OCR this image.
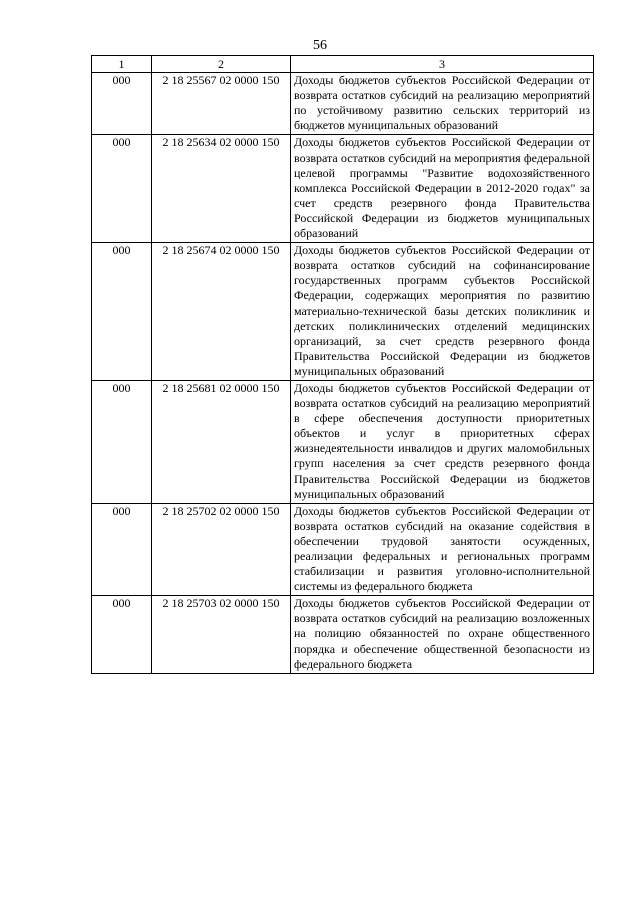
56
1	2	3
000	2 18 25567 02 0000 150	Доходы бюджетов субъектов Российской Федерации от возврата остатков субсидий на реализацию мероприятий по устойчивому развитию сельских территорий из бюджетов муниципальных образований
000	2 18 25634 02 0000 150	Доходы бюджетов субъектов Российской Федерации от возврата остатков субсидий на мероприятия федеральной целевой программы "Развитие водохозяйственного комплекса Российской Федерации в 2012-2020 годах" за счет средств резервного фонда Правительства Российской Федерации из бюджетов муниципальных образований
000	2 18 25674 02 0000 150	Доходы бюджетов субъектов Российской Федерации от возврата остатков субсидий на софинансирование государственных программ субъектов Российской Федерации, содержащих мероприятия по развитию материально-технической базы детских поликлиник и детских поликлинических отделений медицинских организаций, за счет средств резервного фонда Правительства Российской Федерации из бюджетов муниципальных образований
000	2 18 25681 02 0000 150	Доходы бюджетов субъектов Российской Федерации от возврата остатков субсидий на реализацию мероприятий в сфере обеспечения доступности приоритетных объектов и услуг в приоритетных сферах жизнедеятельности инвалидов и других маломобильных групп населения за счет средств резервного фонда Правительства Российской Федерации из бюджетов муниципальных образований
000	2 18 25702 02 0000 150	Доходы бюджетов субъектов Российской Федерации от возврата остатков субсидий на оказание содействия в обеспечении трудовой занятости осужденных, реализации федеральных и региональных программ стабилизации и развития уголовно-исполнительной системы из федерального бюджета
000	2 18 25703 02 0000 150	Доходы бюджетов субъектов Российской Федерации от возврата остатков субсидий на реализацию возложенных на полицию обязанностей по охране общественного порядка и обеспечение общественной безопасности из федерального бюджета
